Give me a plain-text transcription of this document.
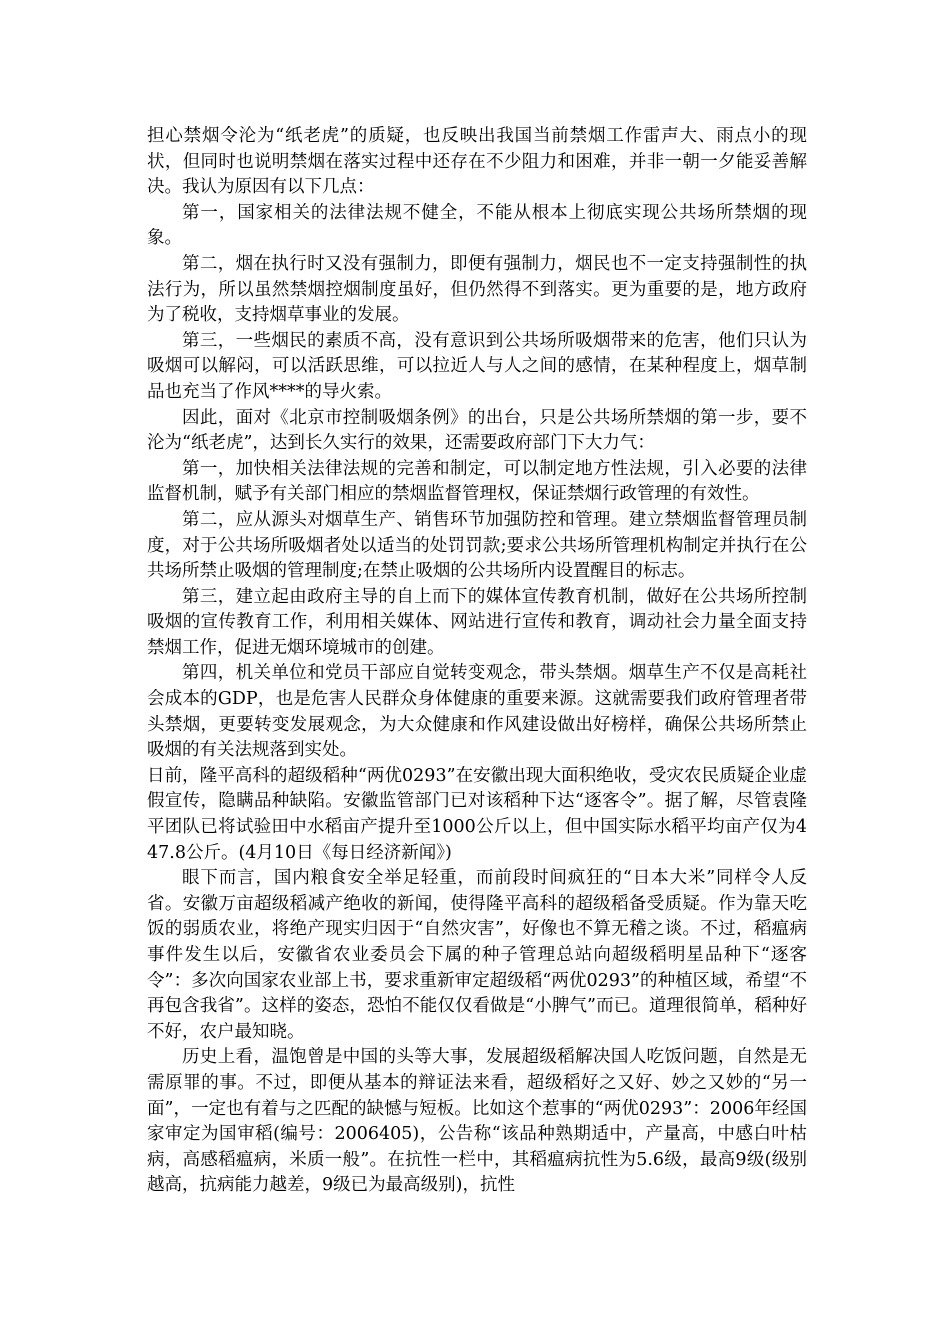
担心禁烟令沦为“纸老虎”的质疑，也反映出我国当前禁烟工作雷声大、雨点小的现状，但同时也说明禁烟在落实过程中还存在不少阻力和困难，并非一朝一夕能妥善解决。我认为原因有以下几点：

第一，国家相关的法律法规不健全，不能从根本上彻底实现公共场所禁烟的现象。

第二，烟在执行时又没有强制力，即便有强制力，烟民也不一定支持强制性的执法行为，所以虽然禁烟控烟制度虽好，但仍然得不到落实。更为重要的是，地方政府为了税收，支持烟草事业的发展。

第三，一些烟民的素质不高，没有意识到公共场所吸烟带来的危害，他们只认为吸烟可以解闷，可以活跃思维，可以拉近人与人之间的感情，在某种程度上，烟草制品也充当了作风****的导火索。

因此，面对《北京市控制吸烟条例》的出台，只是公共场所禁烟的第一步，要不沦为“纸老虎”，达到长久实行的效果，还需要政府部门下大力气：

第一，加快相关法律法规的完善和制定，可以制定地方性法规，引入必要的法律监督机制，赋予有关部门相应的禁烟监督管理权，保证禁烟行政管理的有效性。

第二，应从源头对烟草生产、销售环节加强防控和管理。建立禁烟监督管理员制度，对于公共场所吸烟者处以适当的处罚罚款;要求公共场所管理机构制定并执行在公共场所禁止吸烟的管理制度;在禁止吸烟的公共场所内设置醒目的标志。

第三，建立起由政府主导的自上而下的媒体宣传教育机制，做好在公共场所控制吸烟的宣传教育工作，利用相关媒体、网站进行宣传和教育，调动社会力量全面支持禁烟工作，促进无烟环境城市的创建。

第四，机关单位和党员干部应自觉转变观念，带头禁烟。烟草生产不仅是高耗社会成本的GDP，也是危害人民群众身体健康的重要来源。这就需要我们政府管理者带头禁烟，更要转变发展观念，为大众健康和作风建设做出好榜样，确保公共场所禁止吸烟的有关法规落到实处。

日前，隆平高科的超级稻种“两优0293”在安徽出现大面积绝收，受灾农民质疑企业虚假宣传，隐瞒品种缺陷。安徽监管部门已对该稻种下达“逐客令”。据了解，尽管袁隆平团队已将试验田中水稻亩产提升至1000公斤以上，但中国实际水稻平均亩产仅为447.8公斤。(4月10日《每日经济新闻》)

眼下而言，国内粮食安全举足轻重，而前段时间疯狂的“日本大米”同样令人反省。安徽万亩超级稻减产绝收的新闻，使得隆平高科的超级稻备受质疑。作为靠天吃饭的弱质农业，将绝产现实归因于“自然灾害”，好像也不算无稽之谈。不过，稻瘟病事件发生以后，安徽省农业委员会下属的种子管理总站向超级稻明星品种下“逐客令”：多次向国家农业部上书，要求重新审定超级稻“两优0293”的种植区域，希望“不再包含我省”。这样的姿态，恐怕不能仅仅看做是“小脾气”而已。道理很简单，稻种好不好，农户最知晓。

历史上看，温饱曾是中国的头等大事，发展超级稻解决国人吃饭问题，自然是无需原罪的事。不过，即便从基本的辩证法来看，超级稻好之又好、妙之又妙的“另一面”，一定也有着与之匹配的缺憾与短板。比如这个惹事的“两优0293”：2006年经国家审定为国审稻(编号：2006405)，公告称“该品种熟期适中，产量高，中感白叶枯病，高感稻瘟病，米质一般”。在抗性一栏中，其稻瘟病抗性为5.6级，最高9级(级别越高，抗病能力越差，9级已为最高级别)，抗性
